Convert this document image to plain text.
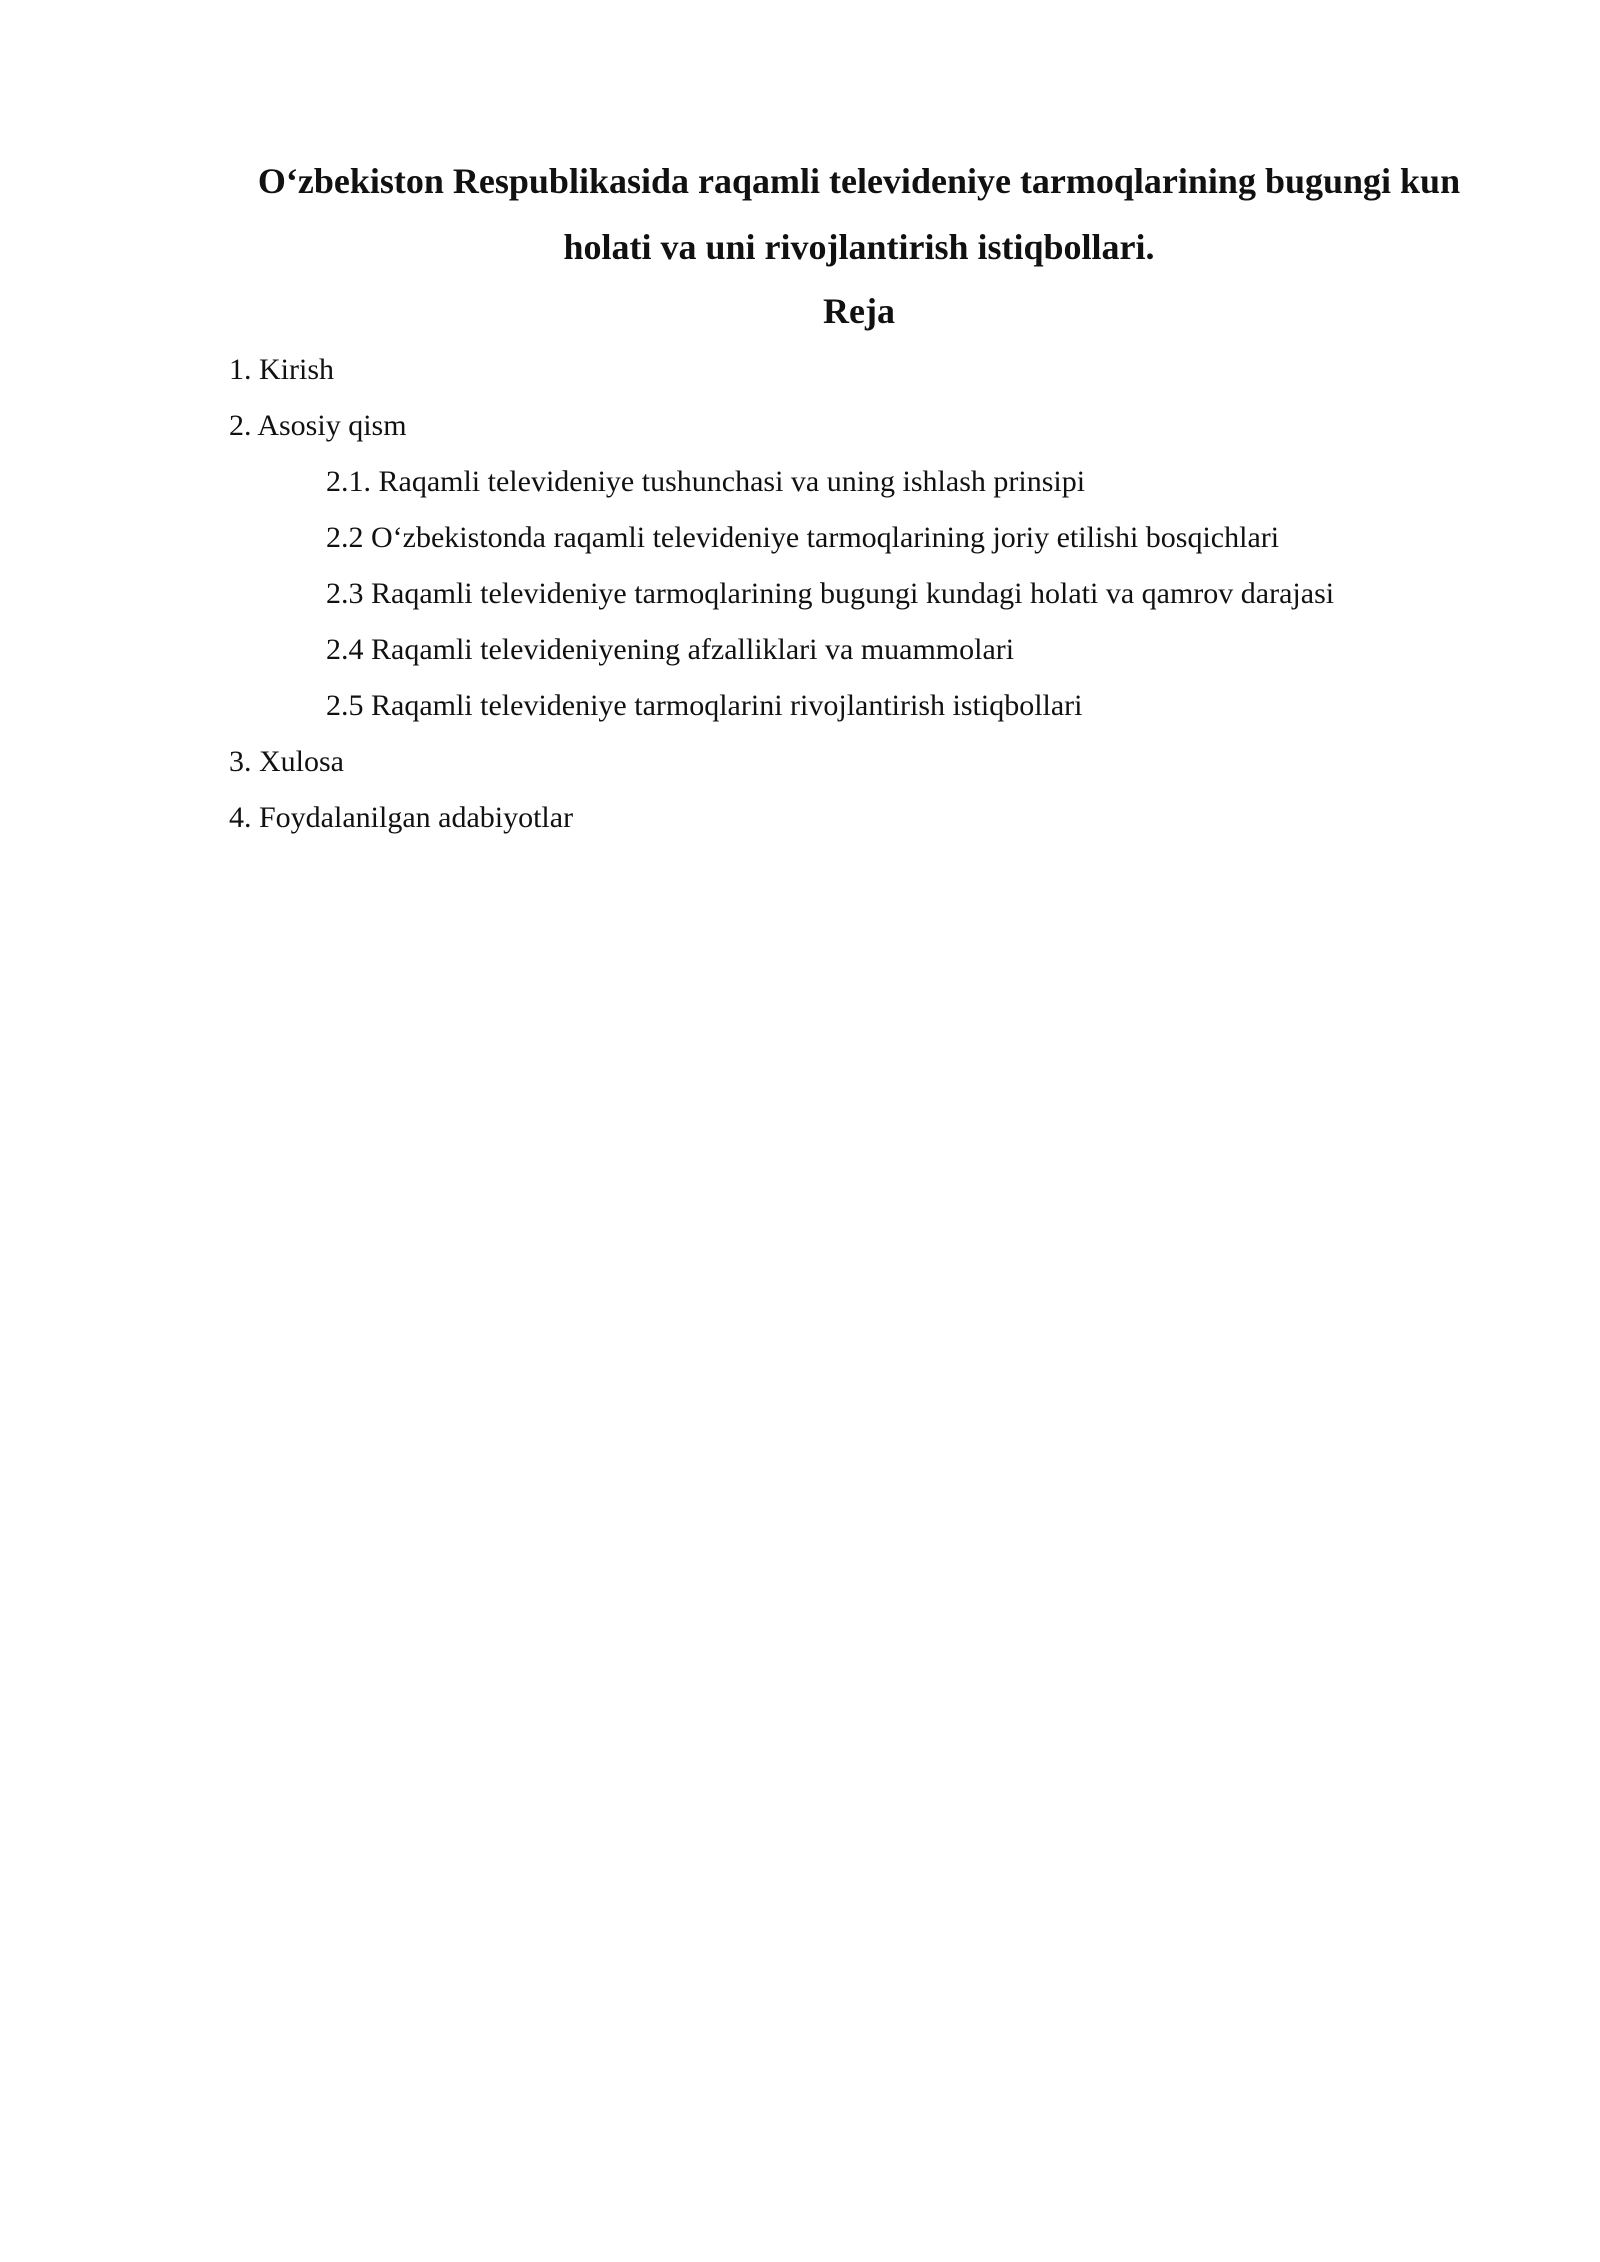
O‘zbekiston Respublikasida raqamli televideniye tarmoqlarining bugungi kun holati va uni rivojlantirish istiqbollari.
Reja
1. Kirish
2. Asosiy qism
2.1. Raqamli televideniye tushunchasi va uning ishlash prinsipi
2.2 O‘zbekistonda raqamli televideniye tarmoqlarining joriy etilishi bosqichlari
2.3 Raqamli televideniye tarmoqlarining bugungi kundagi holati va qamrov darajasi
2.4 Raqamli televideniyening afzalliklari va muammolari
2.5 Raqamli televideniye tarmoqlarini rivojlantirish istiqbollari
3. Xulosa
4. Foydalanilgan adabiyotlar
